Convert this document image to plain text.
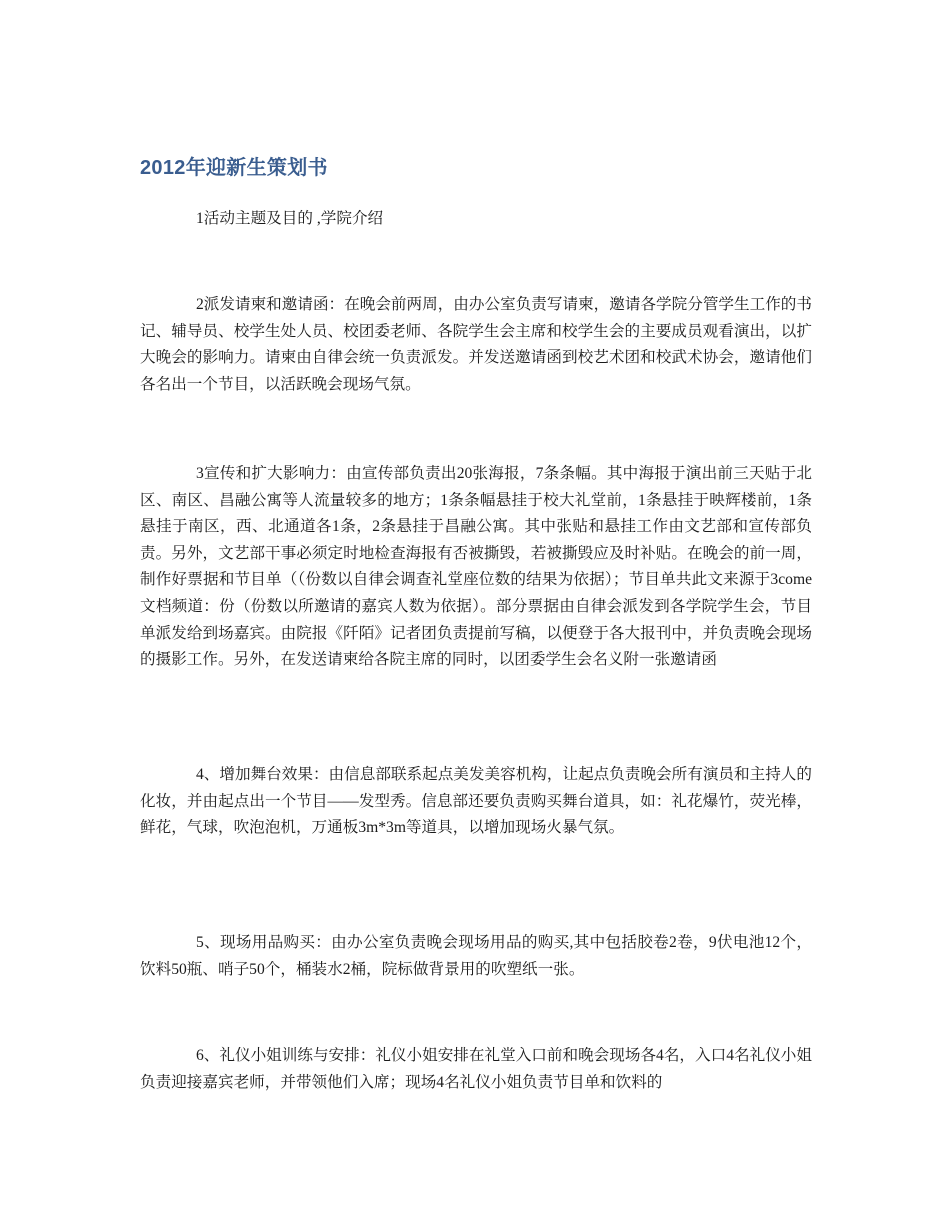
2012年迎新生策划书

1活动主题及目的 ,学院介绍

2派发请柬和邀请函：在晚会前两周，由办公室负责写请柬，邀请各学院分管学生工作的书记、辅导员、校学生处人员、校团委老师、各院学生会主席和校学生会的主要成员观看演出，以扩大晚会的影响力。请柬由自律会统一负责派发。并发送邀请函到校艺术团和校武术协会，邀请他们各名出一个节目，以活跃晚会现场气氛。

3宣传和扩大影响力：由宣传部负责出20张海报，7条条幅。其中海报于演出前三天贴于北区、南区、昌融公寓等人流量较多的地方；1条条幅悬挂于校大礼堂前，1条悬挂于映辉楼前，1条悬挂于南区，西、北通道各1条，2条悬挂于昌融公寓。其中张贴和悬挂工作由文艺部和宣传部负责。另外，文艺部干事必须定时地检查海报有否被撕毁，若被撕毁应及时补贴。在晚会的前一周，制作好票据和节目单（（份数以自律会调查礼堂座位数的结果为依据）；节目单共此文来源于3come文档频道：份（份数以所邀请的嘉宾人数为依据）。部分票据由自律会派发到各学院学生会，节目单派发给到场嘉宾。由院报《阡陌》记者团负责提前写稿，以便登于各大报刊中，并负责晚会现场的摄影工作。另外，在发送请柬给各院主席的同时，以团委学生会名义附一张邀请函

4、增加舞台效果：由信息部联系起点美发美容机构，让起点负责晚会所有演员和主持人的化妆，并由起点出一个节目——发型秀。信息部还要负责购买舞台道具，如：礼花爆竹，荧光棒，鲜花，气球，吹泡泡机，万通板3m*3m等道具，以增加现场火暴气氛。

5、现场用品购买：由办公室负责晚会现场用品的购买,其中包括胶卷2卷，9伏电池12个，饮料50瓶、哨子50个，桶装水2桶，院标做背景用的吹塑纸一张。

6、礼仪小姐训练与安排：礼仪小姐安排在礼堂入口前和晚会现场各4名，入口4名礼仪小姐负责迎接嘉宾老师，并带领他们入席；现场4名礼仪小姐负责节目单和饮料的
